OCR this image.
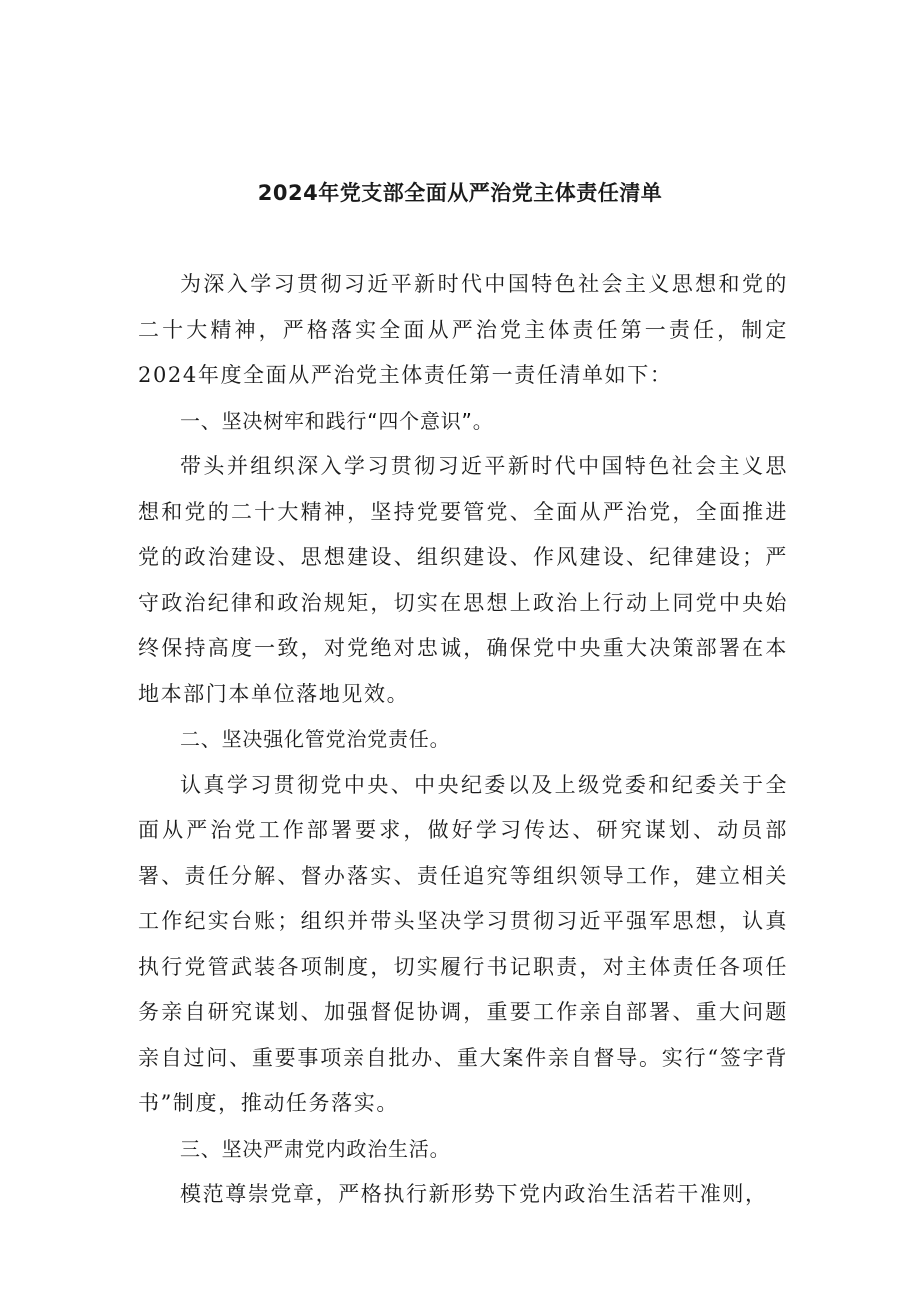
2024年党支部全面从严治党主体责任清单

为深入学习贯彻习近平新时代中国特色社会主义思想和党的二十大精神，严格落实全面从严治党主体责任第一责任，制定2024年度全面从严治党主体责任第一责任清单如下：

一、坚决树牢和践行“四个意识”。

带头并组织深入学习贯彻习近平新时代中国特色社会主义思想和党的二十大精神，坚持党要管党、全面从严治党，全面推进党的政治建设、思想建设、组织建设、作风建设、纪律建设；严守政治纪律和政治规矩，切实在思想上政治上行动上同党中央始终保持高度一致，对党绝对忠诚，确保党中央重大决策部署在本地本部门本单位落地见效。

二、坚决强化管党治党责任。

认真学习贯彻党中央、中央纪委以及上级党委和纪委关于全面从严治党工作部署要求，做好学习传达、研究谋划、动员部署、责任分解、督办落实、责任追究等组织领导工作，建立相关工作纪实台账；组织并带头坚决学习贯彻习近平强军思想，认真执行党管武装各项制度，切实履行书记职责，对主体责任各项任务亲自研究谋划、加强督促协调，重要工作亲自部署、重大问题亲自过问、重要事项亲自批办、重大案件亲自督导。实行“签字背书”制度，推动任务落实。

三、坚决严肃党内政治生活。

模范尊崇党章，严格执行新形势下党内政治生活若干准则，
